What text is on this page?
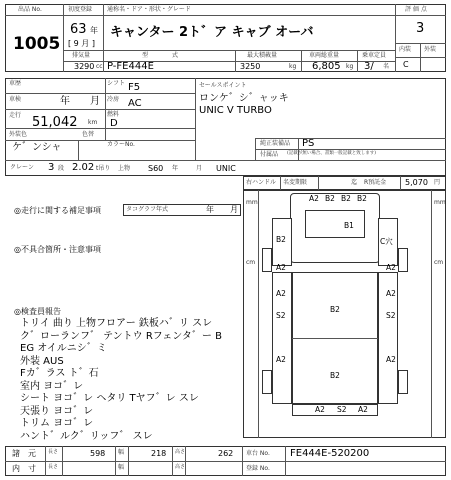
出品 No.
1005
初度登録
63 年
[ 9 月 ]
通称名・ドア・形状・グレード
キャンター 2ト゛ア キャブ オーバ
排気量	型　　　　式	最大積載量	車両総重量	乗車定員
3290 cc P-FE444E	3250	kg 6,805 kg 3/ 名
評 価 点
3
内装 外装
C
車歴
車検	年 月
シフト F5
冷房 AC
走行 51,042 km
燃料
D
外装色
ケ゛ンシャ
色替
カラーNo.
セールスポイント
ロンケ゛シ゛ャッキ
UNIC V TURBO
純正装備品 PS
付属品 (記載が無い場合、書類一般記載と致します)
クレーン 3 段 2.02 t吊り 上物 S60 年	月 UNIC
右ハンドル 名変期限	迄 R預託金 5,070 円
mm
cm
mm
cm
A2 B2 B2 B2
B1
C穴
B2
A2	A2
A2
S2
A2
A2
S2
A2
B2
B2
A2 S2 A2
◎走行に関する補足事項	タコグラフ年式	年 月
◎不具合箇所・注意事項
◎検査員報告
トリイ 曲り 上物フロアー 鉄板ハ゛リ スレ
ク゛ローランフ゛ テントウ Rフェンタ゛ー B
EG オイルニシ゛ミ
外装 AUS
Fカ゛ラス ト゛石
室内 ヨコ゛レ
シート ヨコ゛レ ヘタリ Tヤフ゛レ スレ
天張り ヨコ゛レ
トリム ヨコ゛レ
ハント゛ルク゛リッフ゛ スレ
諸　元 長さ	598 幅	218 高さ	262 車台 No. FE444E-520200
内　寸 長さ	幅	高さ	登録 No.
